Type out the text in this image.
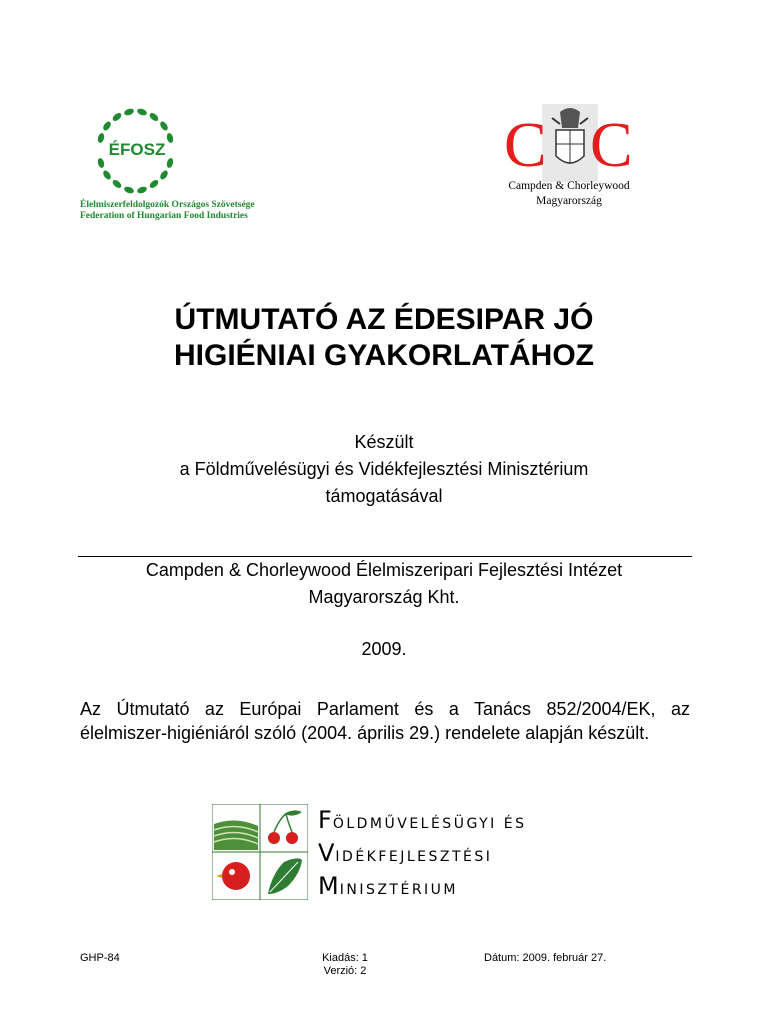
ÉFOSZ
Élelmiszerfeldolgozók Országos Szövetsége
Federation of Hungarian Food Industries
C C
Campden & Chorleywood
Magyarország
ÚTMUTATÓ AZ ÉDESIPAR JÓ
HIGIÉNIAI GYAKORLATÁHOZ
Készült
a Földművelésügyi és Vidékfejlesztési Minisztérium
támogatásával
Campden & Chorleywood Élelmiszeripari Fejlesztési Intézet
Magyarország Kht.
2009.
Az Útmutató az Európai Parlament és a Tanács 852/2004/EK, az
élelmiszer-higiéniáról szóló (2004. április 29.) rendelete alapján készült.
FÖLDMŰVELÉSÜGYI ÉS
VIDÉKFEJLESZTÉSI
MINISZTÉRIUM
GHP-84	Kiadás: 1
Verzió: 2
Dátum: 2009. február 27.
